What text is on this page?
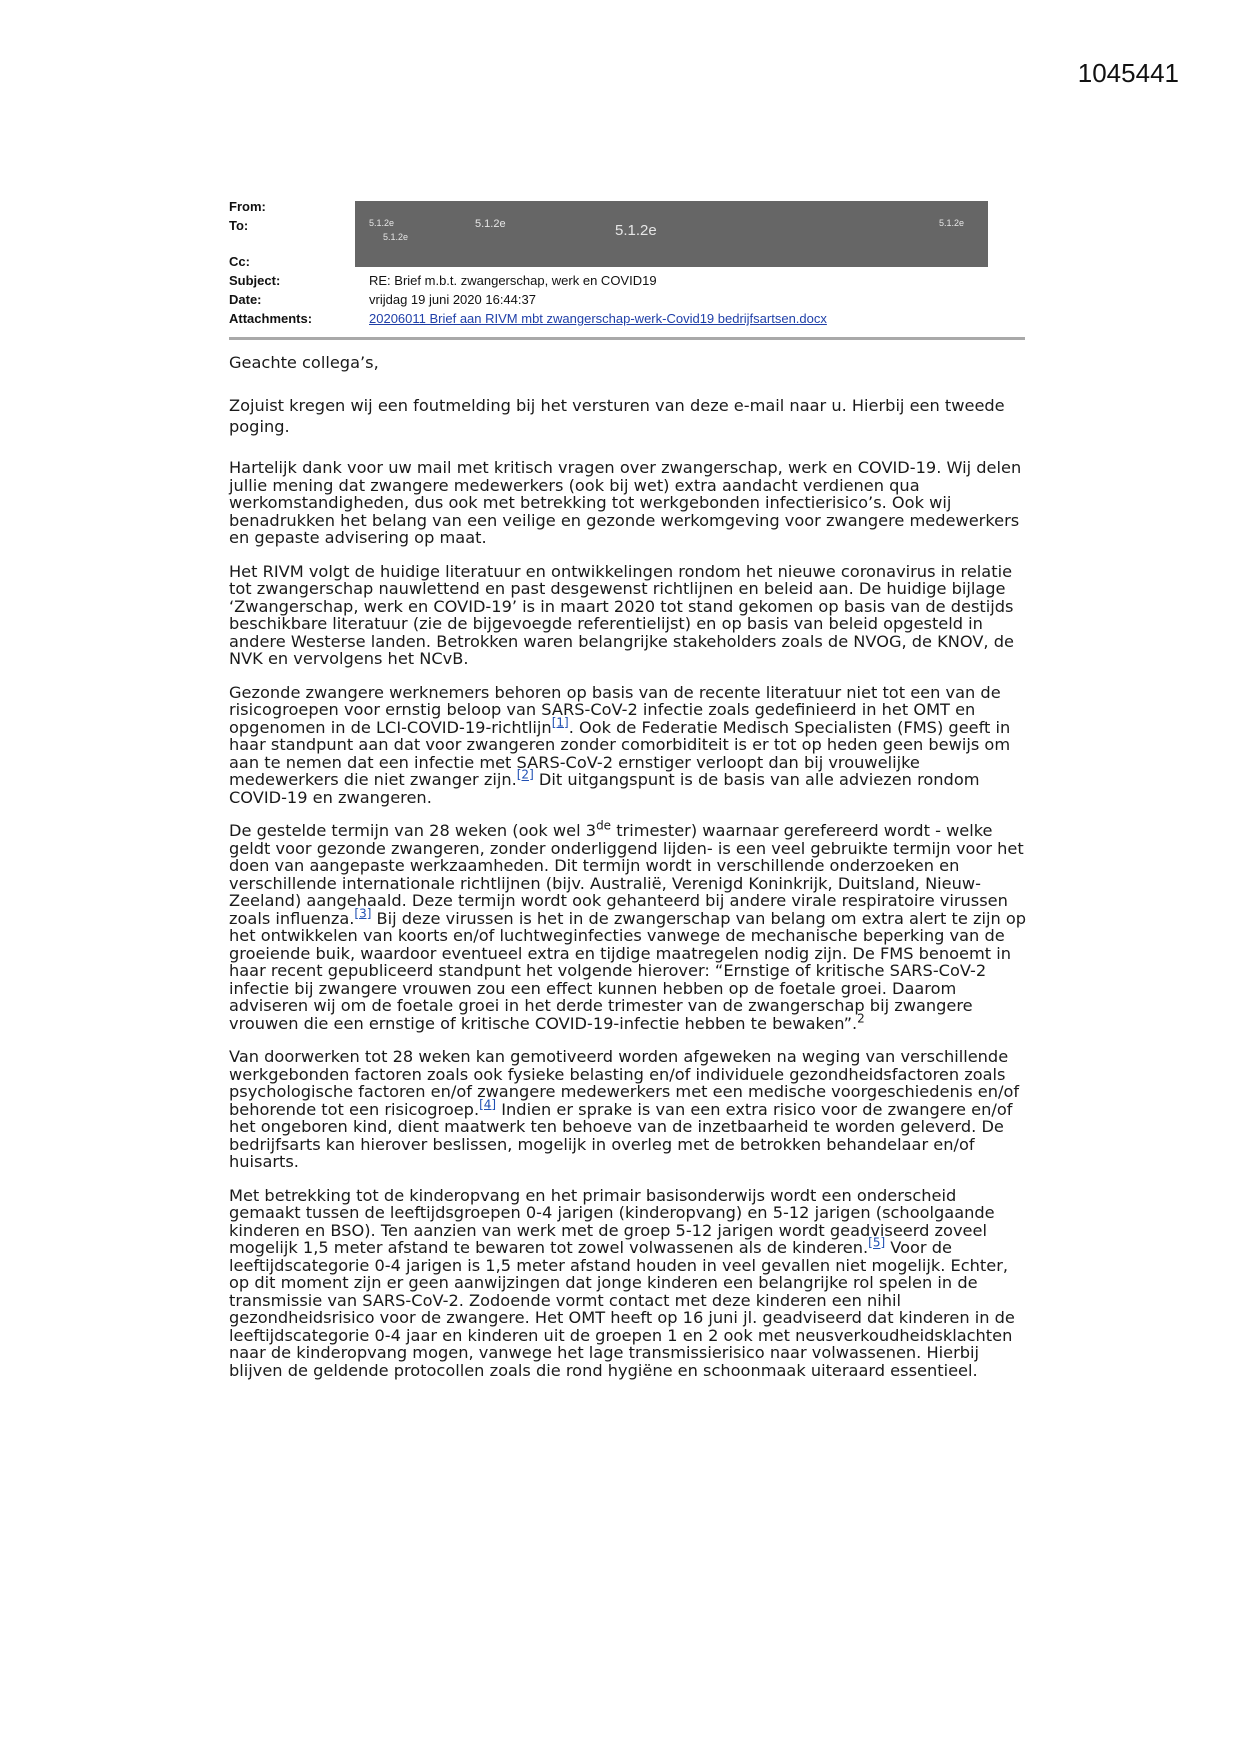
1045441
From:
To:	5.1.2e
5.1.2e
5.1.2e	5.1.2e	5.1.2e
Cc:
Subject:	RE: Brief m.b.t. zwangerschap, werk en COVID19
Date:	vrijdag 19 juni 2020 16:44:37
Attachments:	20206011 Brief aan RIVM mbt zwangerschap-werk-Covid19 bedrijfsartsen.docx

Geachte collega’s,

Zojuist kregen wij een foutmelding bij het versturen van deze e-mail naar u. Hierbij een tweede poging.

Hartelijk dank voor uw mail met kritisch vragen over zwangerschap, werk en COVID-19. Wij delen jullie mening dat zwangere medewerkers (ook bij wet) extra aandacht verdienen qua werkomstandigheden, dus ook met betrekking tot werkgebonden infectierisico’s. Ook wij benadrukken het belang van een veilige en gezonde werkomgeving voor zwangere medewerkers en gepaste advisering op maat.

Het RIVM volgt de huidige literatuur en ontwikkelingen rondom het nieuwe coronavirus in relatie tot zwangerschap nauwlettend en past desgewenst richtlijnen en beleid aan. De huidige bijlage ‘Zwangerschap, werk en COVID-19’ is in maart 2020 tot stand gekomen op basis van de destijds beschikbare literatuur (zie de bijgevoegde referentielijst) en op basis van beleid opgesteld in andere Westerse landen. Betrokken waren belangrijke stakeholders zoals de NVOG, de KNOV, de NVK en vervolgens het NCvB.

Gezonde zwangere werknemers behoren op basis van de recente literatuur niet tot een van de risicogroepen voor ernstig beloop van SARS-CoV-2 infectie zoals gedefinieerd in het OMT en opgenomen in de LCI-COVID-19-richtlijn[1]. Ook de Federatie Medisch Specialisten (FMS) geeft in haar standpunt aan dat voor zwangeren zonder comorbiditeit is er tot op heden geen bewijs om aan te nemen dat een infectie met SARS-CoV-2 ernstiger verloopt dan bij vrouwelijke medewerkers die niet zwanger zijn.[2] Dit uitgangspunt is de basis van alle adviezen rondom COVID-19 en zwangeren.

De gestelde termijn van 28 weken (ook wel 3de trimester) waarnaar gerefereerd wordt - welke geldt voor gezonde zwangeren, zonder onderliggend lijden- is een veel gebruikte termijn voor het doen van aangepaste werkzaamheden. Dit termijn wordt in verschillende onderzoeken en verschillende internationale richtlijnen (bijv. Australië, Verenigd Koninkrijk, Duitsland, Nieuw-Zeeland) aangehaald. Deze termijn wordt ook gehanteerd bij andere virale respiratoire virussen zoals influenza.[3] Bij deze virussen is het in de zwangerschap van belang om extra alert te zijn op het ontwikkelen van koorts en/of luchtweginfecties vanwege de mechanische beperking van de groeiende buik, waardoor eventueel extra en tijdige maatregelen nodig zijn. De FMS benoemt in haar recent gepubliceerd standpunt het volgende hierover: “Ernstige of kritische SARS-CoV-2 infectie bij zwangere vrouwen zou een effect kunnen hebben op de foetale groei. Daarom adviseren wij om de foetale groei in het derde trimester van de zwangerschap bij zwangere vrouwen die een ernstige of kritische COVID-19-infectie hebben te bewaken”.$^2$

Van doorwerken tot 28 weken kan gemotiveerd worden afgeweken na weging van verschillende werkgebonden factoren zoals ook fysieke belasting en/of individuele gezondheidsfactoren zoals psychologische factoren en/of zwangere medewerkers met een medische voorgeschiedenis en/of behorende tot een risicogroep.[4] Indien er sprake is van een extra risico voor de zwangere en/of het ongeboren kind, dient maatwerk ten behoeve van de inzetbaarheid te worden geleverd. De bedrijfsarts kan hierover beslissen, mogelijk in overleg met de betrokken behandelaar en/of huisarts.

Met betrekking tot de kinderopvang en het primair basisonderwijs wordt een onderscheid gemaakt tussen de leeftijdsgroepen 0-4 jarigen (kinderopvang) en 5-12 jarigen (schoolgaande kinderen en BSO). Ten aanzien van werk met de groep 5-12 jarigen wordt geadviseerd zoveel mogelijk 1,5 meter afstand te bewaren tot zowel volwassenen als de kinderen.[5] Voor de leeftijdscategorie 0-4 jarigen is 1,5 meter afstand houden in veel gevallen niet mogelijk. Echter, op dit moment zijn er geen aanwijzingen dat jonge kinderen een belangrijke rol spelen in de transmissie van SARS-CoV-2. Zodoende vormt contact met deze kinderen een nihil gezondheidsrisico voor de zwangere. Het OMT heeft op 16 juni jl. geadviseerd dat kinderen in de leeftijdscategorie 0-4 jaar en kinderen uit de groepen 1 en 2 ook met neusverkoudheidsklachten naar de kinderopvang mogen, vanwege het lage transmissierisico naar volwassenen. Hierbij blijven de geldende protocollen zoals die rond hygiëne en schoonmaak uiteraard essentieel.
